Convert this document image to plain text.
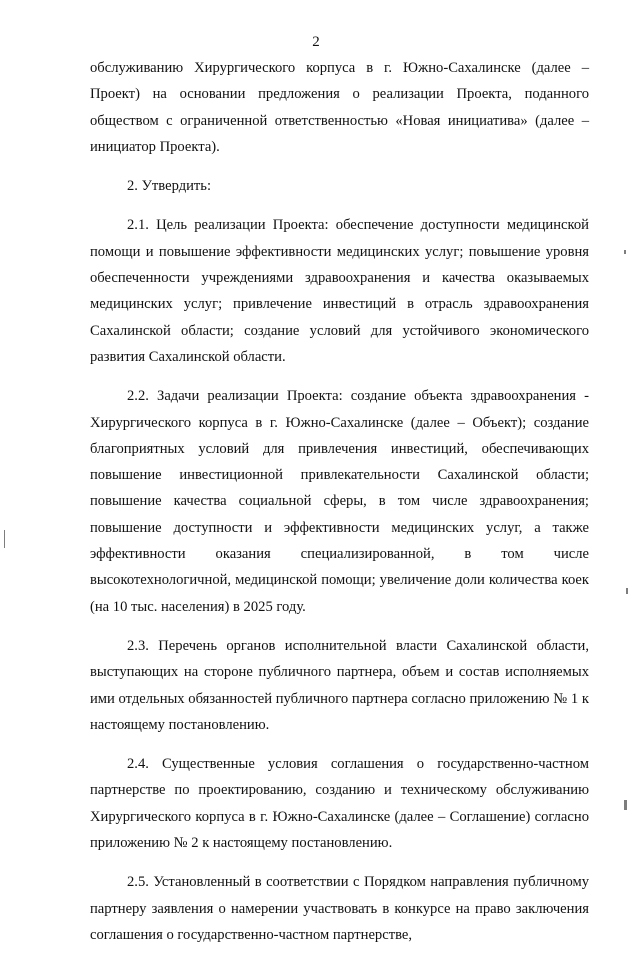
2

обслуживанию Хирургического корпуса в г. Южно-Сахалинске (далее – Проект) на основании предложения о реализации Проекта, поданного обществом с ограниченной ответственностью «Новая инициатива» (далее – инициатор Проекта).

2. Утвердить:

2.1. Цель реализации Проекта: обеспечение доступности медицинской помощи и повышение эффективности медицинских услуг; повышение уровня обеспеченности учреждениями здравоохранения и качества оказываемых медицинских услуг; привлечение инвестиций в отрасль здравоохранения Сахалинской области; создание условий для устойчивого экономического развития Сахалинской области.

2.2. Задачи реализации Проекта: создание объекта здравоохранения - Хирургического корпуса в г. Южно-Сахалинске (далее – Объект); создание благоприятных условий для привлечения инвестиций, обеспечивающих повышение инвестиционной привлекательности Сахалинской области; повышение качества социальной сферы, в том числе здравоохранения; повышение доступности и эффективности медицинских услуг, а также эффективности оказания специализированной, в том числе высокотехнологичной, медицинской помощи; увеличение доли количества коек (на 10 тыс. населения) в 2025 году.

2.3. Перечень органов исполнительной власти Сахалинской области, выступающих на стороне публичного партнера, объем и состав исполняемых ими отдельных обязанностей публичного партнера согласно приложению № 1 к настоящему постановлению.

2.4. Существенные условия соглашения о государственно-частном партнерстве по проектированию, созданию и техническому обслуживанию Хирургического корпуса в г. Южно-Сахалинске (далее – Соглашение) согласно приложению № 2 к настоящему постановлению.

2.5. Установленный в соответствии с Порядком направления публичному партнеру заявления о намерении участвовать в конкурсе на право заключения соглашения о государственно-частном партнерстве,
